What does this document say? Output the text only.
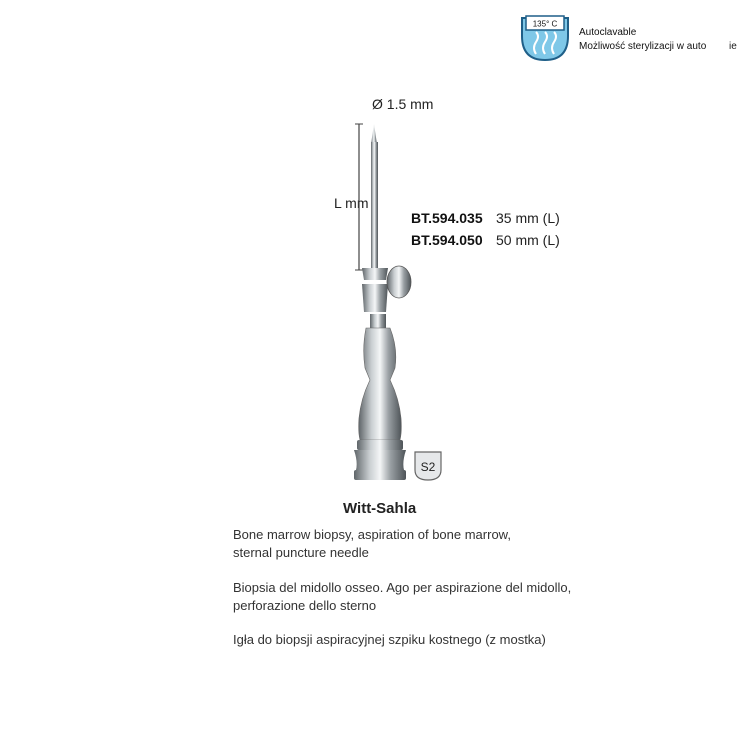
135° C
Autoclavable
Możliwość sterylizacji w auto ie
Ø 1.5 mm
L mm
BT.594.035 35 mm (L)
BT.594.050 50 mm (L)
S2
Witt-Sahla
Bone marrow biopsy, aspiration of bone marrow,
sternal puncture needle
Biopsia del midollo osseo. Ago per aspirazione del midollo,
perforazione dello sterno
Igła do biopsji aspiracyjnej szpiku kostnego (z mostka)
